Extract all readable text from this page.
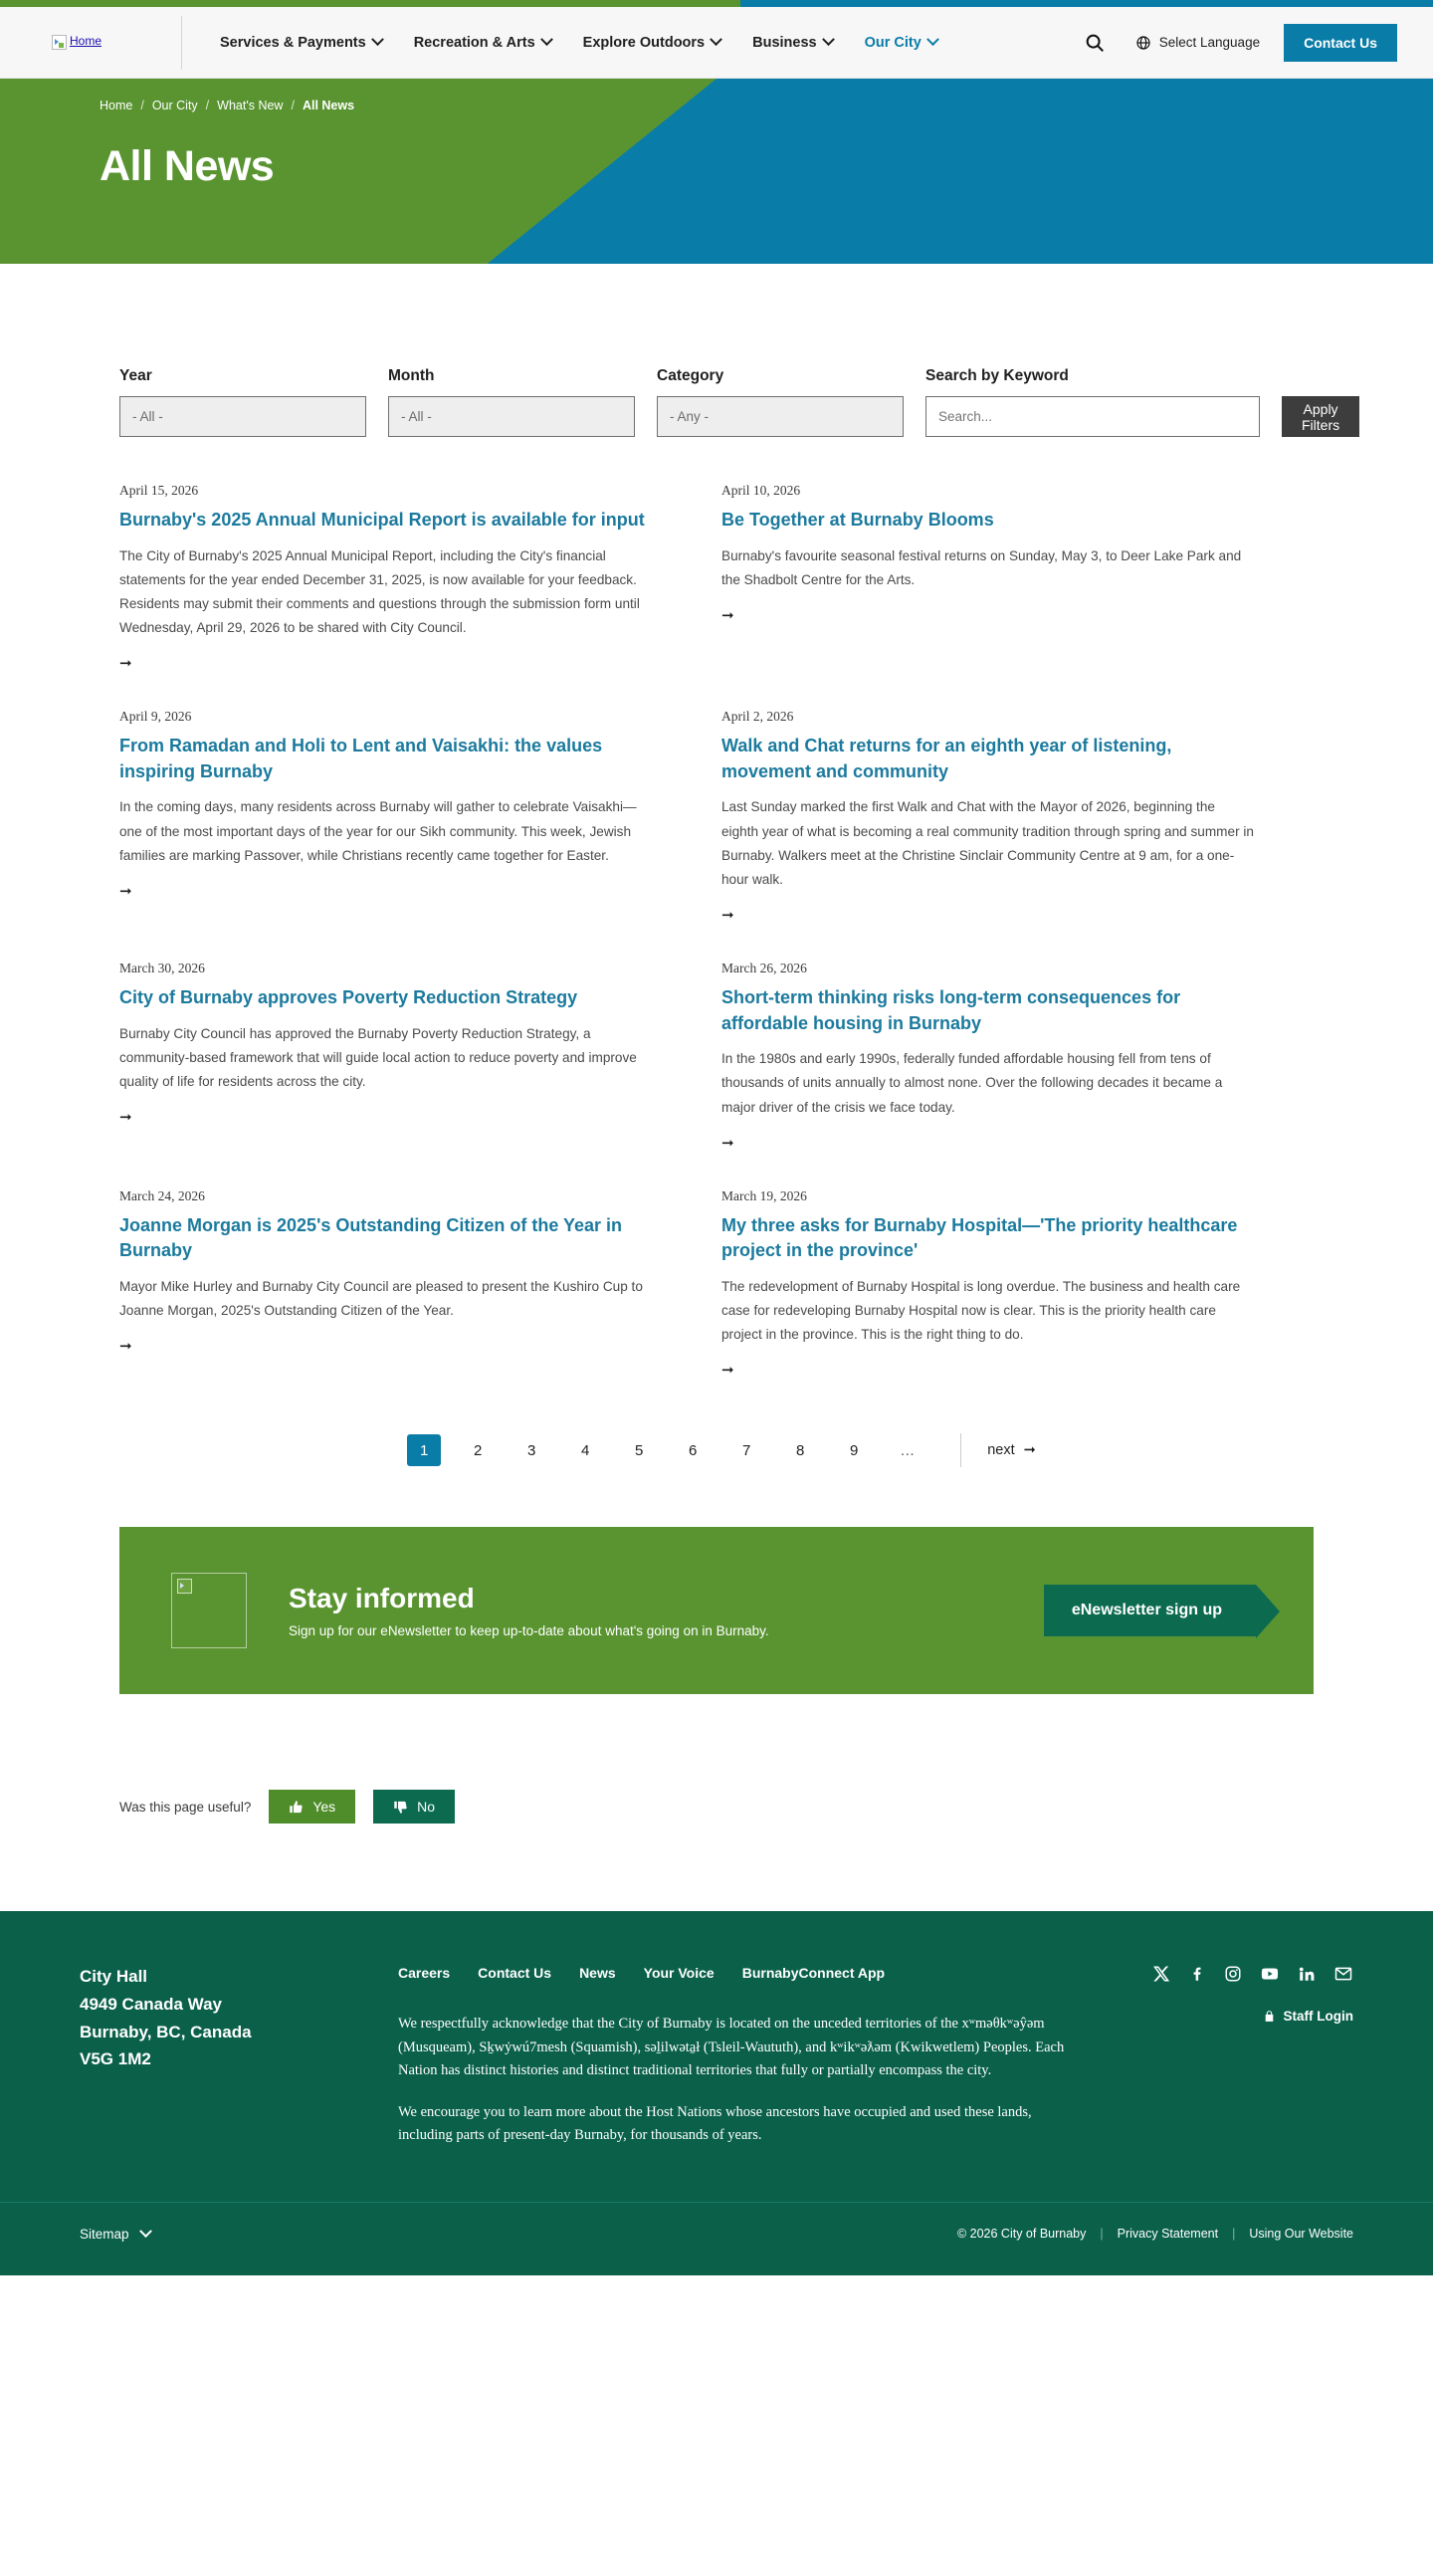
Home	Services & Payments	Recreation & Arts	Explore Outdoors	Business	Our City	Select Language	Contact Us
Home / Our City / What's New / All News
All News
Year
- All -
Month
- All -
Category
- Any -
Search by Keyword
Search...
Apply Filters
April 15, 2026
Burnaby's 2025 Annual Municipal Report is available for input
The City of Burnaby's 2025 Annual Municipal Report, including the City's financial statements for the year ended December 31, 2025, is now available for your feedback. Residents may submit their comments and questions through the submission form until Wednesday, April 29, 2026 to be shared with City Council.
➞
April 10, 2026
Be Together at Burnaby Blooms
Burnaby's favourite seasonal festival returns on Sunday, May 3, to Deer Lake Park and the Shadbolt Centre for the Arts.
➞
April 9, 2026
From Ramadan and Holi to Lent and Vaisakhi: the values inspiring Burnaby
In the coming days, many residents across Burnaby will gather to celebrate Vaisakhi—one of the most important days of the year for our Sikh community. This week, Jewish families are marking Passover, while Christians recently came together for Easter.
➞
April 2, 2026
Walk and Chat returns for an eighth year of listening, movement and community
Last Sunday marked the first Walk and Chat with the Mayor of 2026, beginning the eighth year of what is becoming a real community tradition through spring and summer in Burnaby. Walkers meet at the Christine Sinclair Community Centre at 9 am, for a one-hour walk.
➞
March 30, 2026
City of Burnaby approves Poverty Reduction Strategy
Burnaby City Council has approved the Burnaby Poverty Reduction Strategy, a community-based framework that will guide local action to reduce poverty and improve quality of life for residents across the city.
➞
March 26, 2026
Short-term thinking risks long-term consequences for affordable housing in Burnaby
In the 1980s and early 1990s, federally funded affordable housing fell from tens of thousands of units annually to almost none. Over the following decades it became a major driver of the crisis we face today.
➞
March 24, 2026
Joanne Morgan is 2025's Outstanding Citizen of the Year in Burnaby
Mayor Mike Hurley and Burnaby City Council are pleased to present the Kushiro Cup to Joanne Morgan, 2025's Outstanding Citizen of the Year.
➞
March 19, 2026
My three asks for Burnaby Hospital—'The priority healthcare project in the province'
The redevelopment of Burnaby Hospital is long overdue. The business and health care case for redeveloping Burnaby Hospital now is clear. This is the priority health care project in the province. This is the right thing to do.
➞
1	2	3	4	5	6	7	8	9	…	next ➞
Stay informed
Sign up for our eNewsletter to keep up-to-date about what's going on in Burnaby.
eNewsletter sign up
Was this page useful?	Yes	No
City Hall
4949 Canada Way
Burnaby, BC, Canada
V5G 1M2
Careers Contact Us News Your Voice BurnabyConnect App

We respectfully acknowledge that the City of Burnaby is located on the unceded territories of the xʷməθkʷəŷəm (Musqueam), Sḵwẏwú7mesh (Squamish), səḻilwəta̱ł (Tsleil-Waututh), and kʷikʷəƛəm (Kwikwetlem) Peoples. Each Nation has distinct histories and distinct traditional territories that fully or partially encompass the city.

We encourage you to learn more about the Host Nations whose ancestors have occupied and used these lands, including parts of present-day Burnaby, for thousands of years.

Staff Login
Sitemap	© 2026 City of Burnaby | Privacy Statement | Using Our Website
